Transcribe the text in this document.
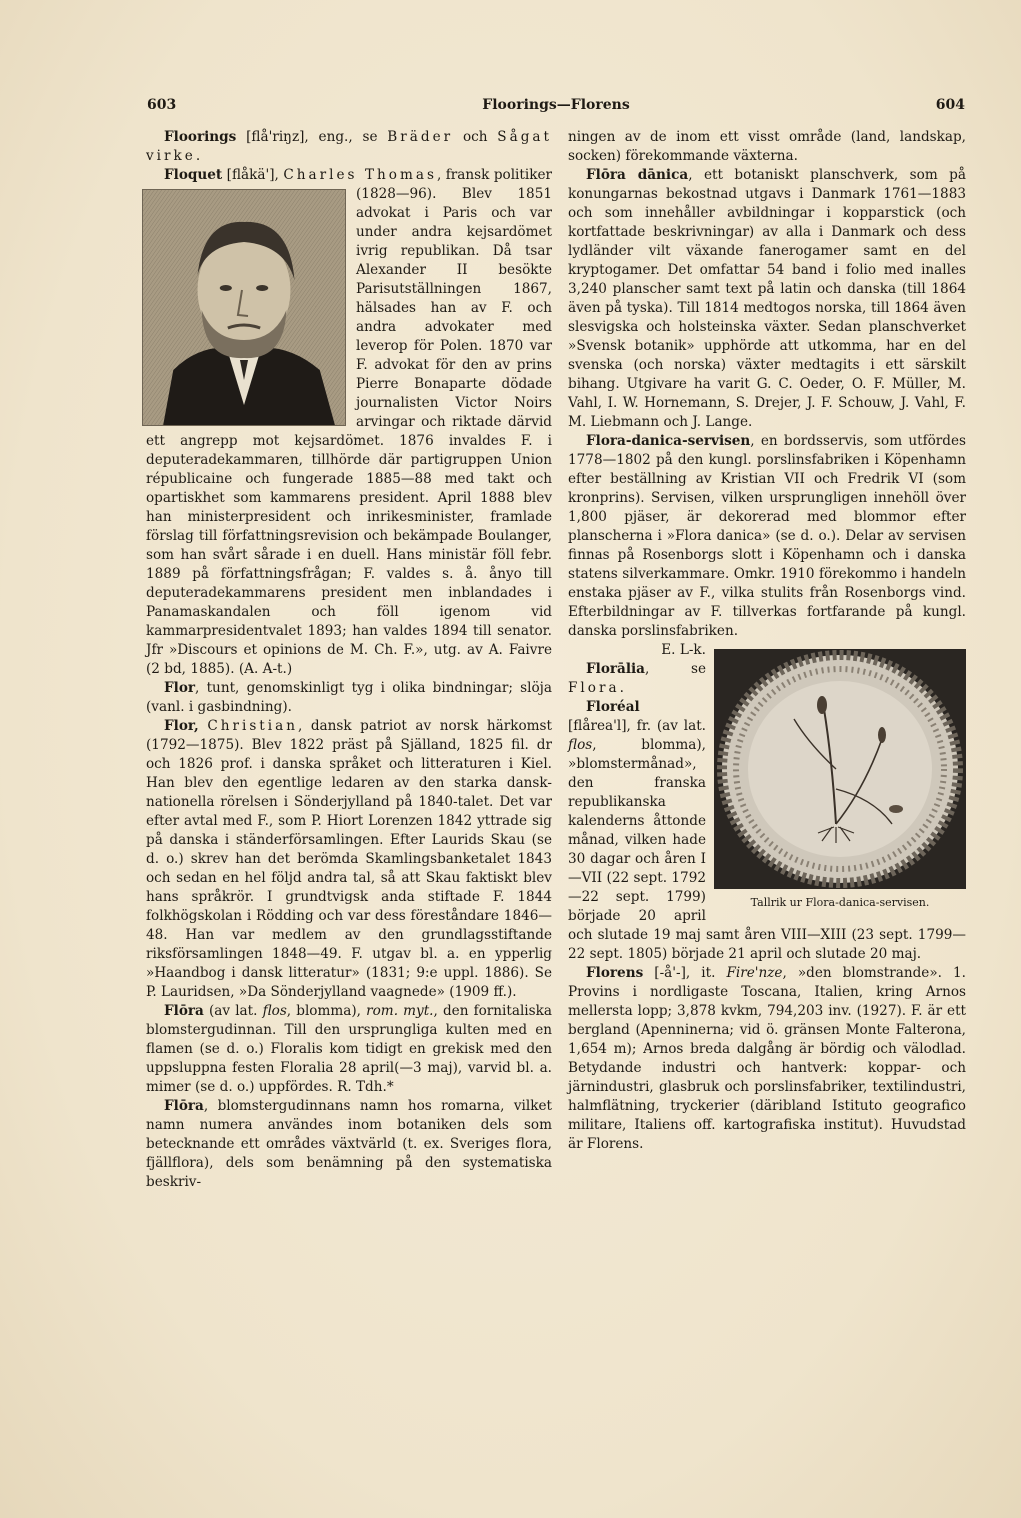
603	Floorings—Florens	604

Floorings [flå'riŋz], eng., se Bräder och Sågat virke.

Floquet [flåkä'], Charles Thomas
, fransk politiker (1828—96). Blev 1851 advokat i Paris och var under andra kejsardömet ivrig republikan. Då tsar Alexander II besökte Parisutställningen 1867, hälsades han av F. och andra advokater med leverop för Polen. 1870 var F. advokat för den av prins Pierre Bonaparte dödade journalisten Victor Noirs arvingar och riktade därvid ett angrepp mot kejsardömet. 1876 invaldes F. i deputeradekammaren, tillhörde där partigruppen Union républicaine och fungerade 1885—88 med takt och opartiskhet som kammarens president. April 1888 blev han ministerpresident och inrikesminister, framlade förslag till författningsrevision och bekämpade Boulanger, som han svårt sårade i en duell. Hans ministär föll febr. 1889 på författningsfrågan; F. valdes s. å. ånyo till deputeradekammarens president men inblandades i Panamaskandalen och föll igenom vid kammarpresidentvalet 1893; han valdes 1894 till senator. Jfr »Discours et opinions de M. Ch. F.», utg. av A. Faivre (2 bd, 1885). (A. A-t.)

Flor, tunt, genomskinligt tyg i olika bindningar; slöja (vanl. i gasbindning).

Flor, Christian, dansk patriot av norsk härkomst (1792—1875). Blev 1822 präst på Själland, 1825 fil. dr och 1826 prof. i danska språket och litteraturen i Kiel. Han blev den egentlige ledaren av den starka dansk-nationella rörelsen i Sönderjylland på 1840-talet. Det var efter avtal med F., som P. Hiort Lorenzen 1842 yttrade sig på danska i ständerförsamlingen. Efter Laurids Skau (se d. o.) skrev han det berömda Skamlingsbanketalet 1843 och sedan en hel följd andra tal, så att Skau faktiskt blev hans språkrör. I grundtvigsk anda stiftade F. 1844 folkhögskolan i Rödding och var dess föreståndare 1846—48. Han var medlem av den grundlagsstiftande riksförsamlingen 1848—49. F. utgav bl. a. en ypperlig »Haandbog i dansk litteratur» (1831; 9:e uppl. 1886). Se P. Lauridsen, »Da Sönderjylland vaagnede» (1909 ff.).

Flōra (av lat. flos, blomma), rom. myt., den fornitaliska blomstergudinnan. Till den ursprungliga kulten med en flamen (se d. o.) Floralis kom tidigt en grekisk med den uppsluppna festen Floralia 28 april(—3 maj), varvid bl. a. mimer (se d. o.) uppfördes. R. Tdh.*

Flōra, blomstergudinnans namn hos romarna, vilket namn numera användes inom botaniken dels som betecknande ett områdes växtvärld (t. ex. Sveriges flora, fjällflora), dels som benämning på den systematiska beskriv-

ningen av de inom ett visst område (land, landskap, socken) förekommande växterna.

Flōra dānica, ett botaniskt planschverk, som på konungarnas bekostnad utgavs i Danmark 1761—1883 och som innehåller avbildningar i kopparstick (och kortfattade beskrivningar) av alla i Danmark och dess lydländer vilt växande fanerogamer samt en del kryptogamer. Det omfattar 54 band i folio med inalles 3,240 planscher samt text på latin och danska (till 1864 även på tyska). Till 1814 medtogos norska, till 1864 även slesvigska och holsteinska växter. Sedan planschverket »Svensk botanik» upphörde att utkomma, har en del svenska (och norska) växter medtagits i ett särskilt bihang. Utgivare ha varit G. C. Oeder, O. F. Müller, M. Vahl, I. W. Hornemann, S. Drejer, J. F. Schouw, J. Vahl, F. M. Liebmann och J. Lange.

Flora-danica-servisen, en bordsservis, som utfördes 1778—1802 på den kungl. porslinsfabriken i Köpenhamn efter beställning av Kristian VII och Fredrik VI (som kronprins). Servisen, vilken ursprungligen innehöll över 1,800 pjäser, är dekorerad med blommor efter planscherna i »Flora danica» (se d. o.). Delar av servisen finnas på Rosenborgs slott i Köpenhamn och i danska statens silverkammare. Omkr. 1910 förekommo i handeln enstaka pjäser av F., vilka stulits från Rosenborgs vind. Efterbildningar av F. tillverkas fortfarande på kungl. danska porslinsfabriken.
Tallrik ur Flora-danica-servisen.
E. L-k.

Florālia, se Flora.

Floréal [flårea'l], fr. (av lat. flos, blomma), »blomstermånad», den franska republikanska kalenderns åttonde månad, vilken hade 30 dagar och åren I—VII (22 sept. 1792—22 sept. 1799) började 20 april och slutade 19 maj samt åren VIII—XIII (23 sept. 1799—22 sept. 1805) började 21 april och slutade 20 maj.

Florens [-å'-], it. Fire'nze, »den blomstrande». 1. Provins i nordligaste Toscana, Italien, kring Arnos mellersta lopp; 3,878 kvkm, 794,203 inv. (1927). F. är ett bergland (Apenninerna; vid ö. gränsen Monte Falterona, 1,654 m); Arnos breda dalgång är bördig och välodlad. Betydande industri och hantverk: koppar- och järnindustri, glasbruk och porslinsfabriker, textilindustri, halmflätning, tryckerier (däribland Istituto geografico militare, Italiens off. kartografiska institut). Huvudstad är Florens.
